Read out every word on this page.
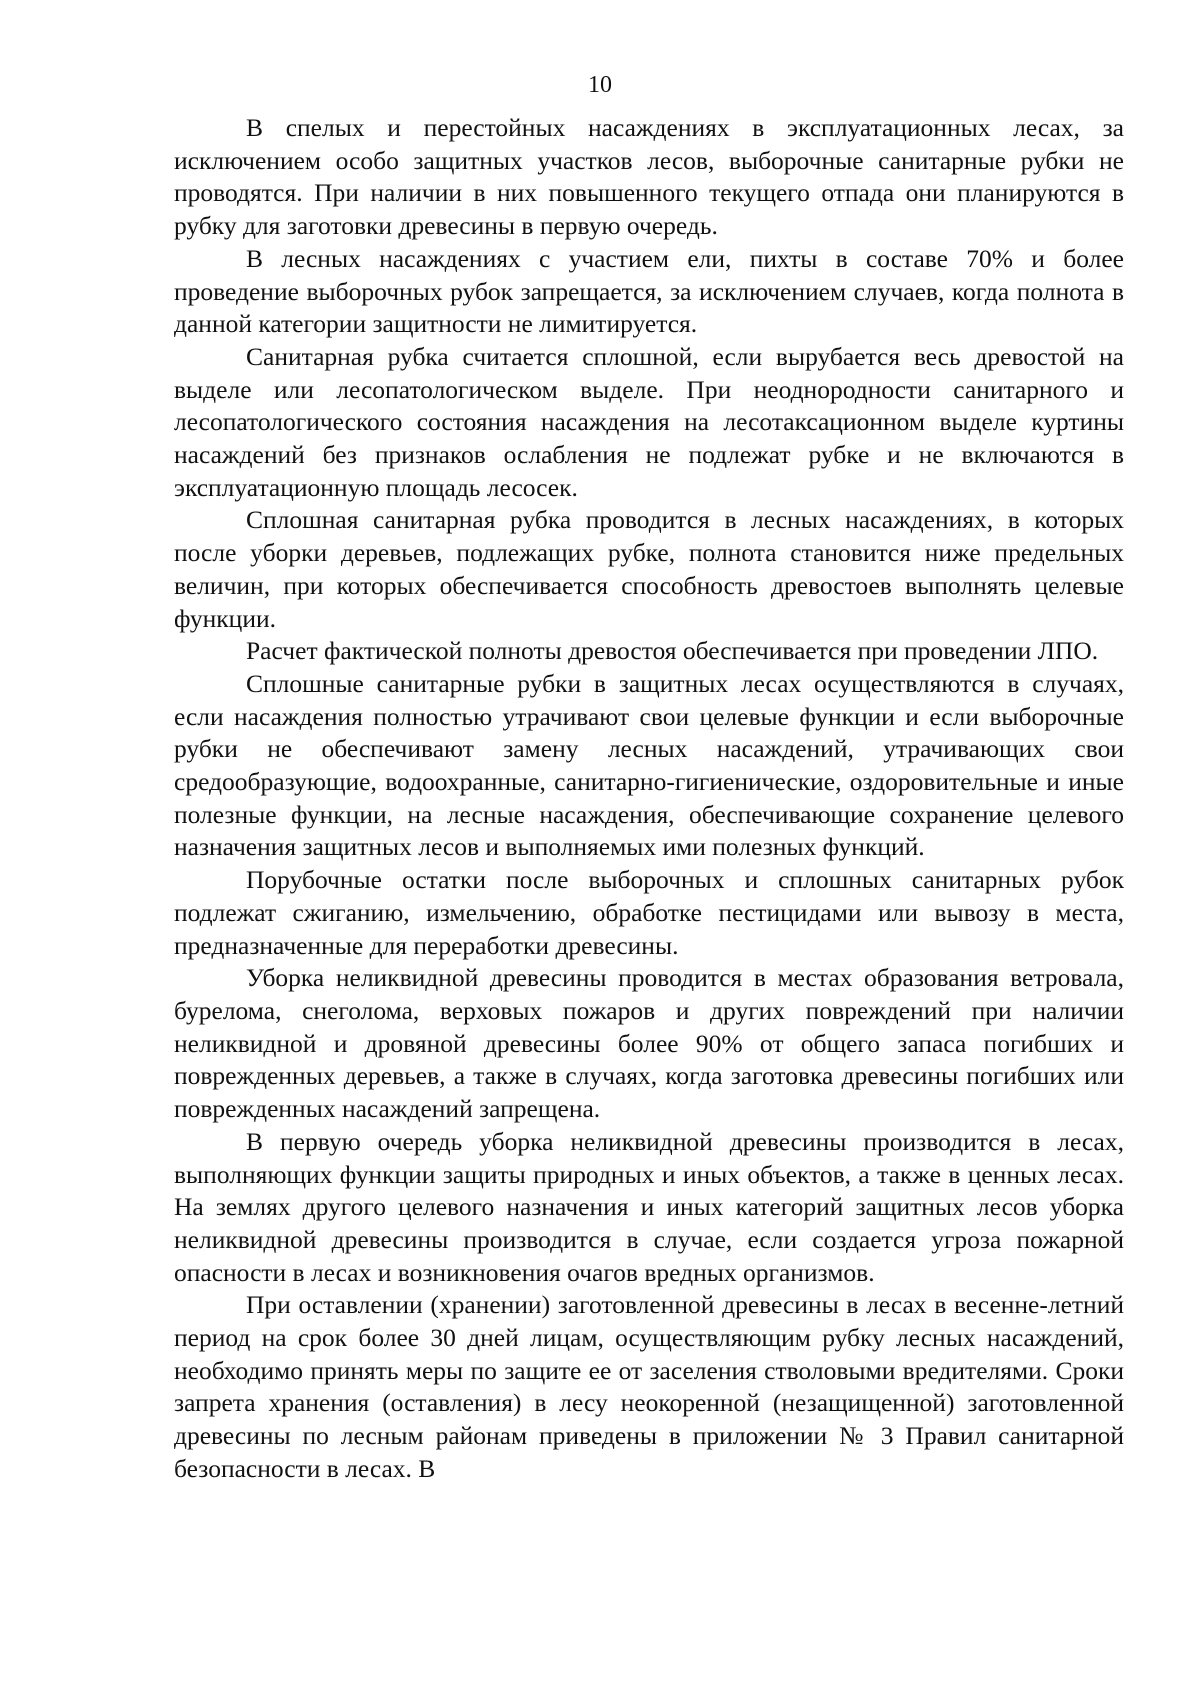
10

В спелых и перестойных насаждениях в эксплуатационных лесах, за исключением особо защитных участков лесов, выборочные санитарные рубки не проводятся. При наличии в них повышенного текущего отпада они планируются в рубку для заготовки древесины в первую очередь.

В лесных насаждениях с участием ели, пихты в составе 70% и более проведение выборочных рубок запрещается, за исключением случаев, когда полнота в данной категории защитности не лимитируется.

Санитарная рубка считается сплошной, если вырубается весь древостой на выделе или лесопатологическом выделе. При неоднородности санитарного и лесопатологического состояния насаждения на лесотаксационном выделе куртины насаждений без признаков ослабления не подлежат рубке и не включаются в эксплуатационную площадь лесосек.

Сплошная санитарная рубка проводится в лесных насаждениях, в которых после уборки деревьев, подлежащих рубке, полнота становится ниже предельных величин, при которых обеспечивается способность древостоев выполнять целевые функции.

Расчет фактической полноты древостоя обеспечивается при проведении ЛПО.

Сплошные санитарные рубки в защитных лесах осуществляются в случаях, если насаждения полностью утрачивают свои целевые функции и если выборочные рубки не обеспечивают замену лесных насаждений, утрачивающих свои средообразующие, водоохранные, санитарно-гигиенические, оздоровительные и иные полезные функции, на лесные насаждения, обеспечивающие сохранение целевого назначения защитных лесов и выполняемых ими полезных функций.

Порубочные остатки после выборочных и сплошных санитарных рубок подлежат сжиганию, измельчению, обработке пестицидами или вывозу в места, предназначенные для переработки древесины.

Уборка неликвидной древесины проводится в местах образования ветровала, бурелома, снеголома, верховых пожаров и других повреждений при наличии неликвидной и дровяной древесины более 90% от общего запаса погибших и поврежденных деревьев, а также в случаях, когда заготовка древесины погибших или поврежденных насаждений запрещена.

В первую очередь уборка неликвидной древесины производится в лесах, выполняющих функции защиты природных и иных объектов, а также в ценных лесах. На землях другого целевого назначения и иных категорий защитных лесов уборка неликвидной древесины производится в случае, если создается угроза пожарной опасности в лесах и возникновения очагов вредных организмов.

При оставлении (хранении) заготовленной древесины в лесах в весенне-летний период на срок более 30 дней лицам, осуществляющим рубку лесных насаждений, необходимо принять меры по защите ее от заселения стволовыми вредителями. Сроки запрета хранения (оставления) в лесу неокоренной (незащищенной) заготовленной древесины по лесным районам приведены в приложении № 3 Правил санитарной безопасности в лесах. В
